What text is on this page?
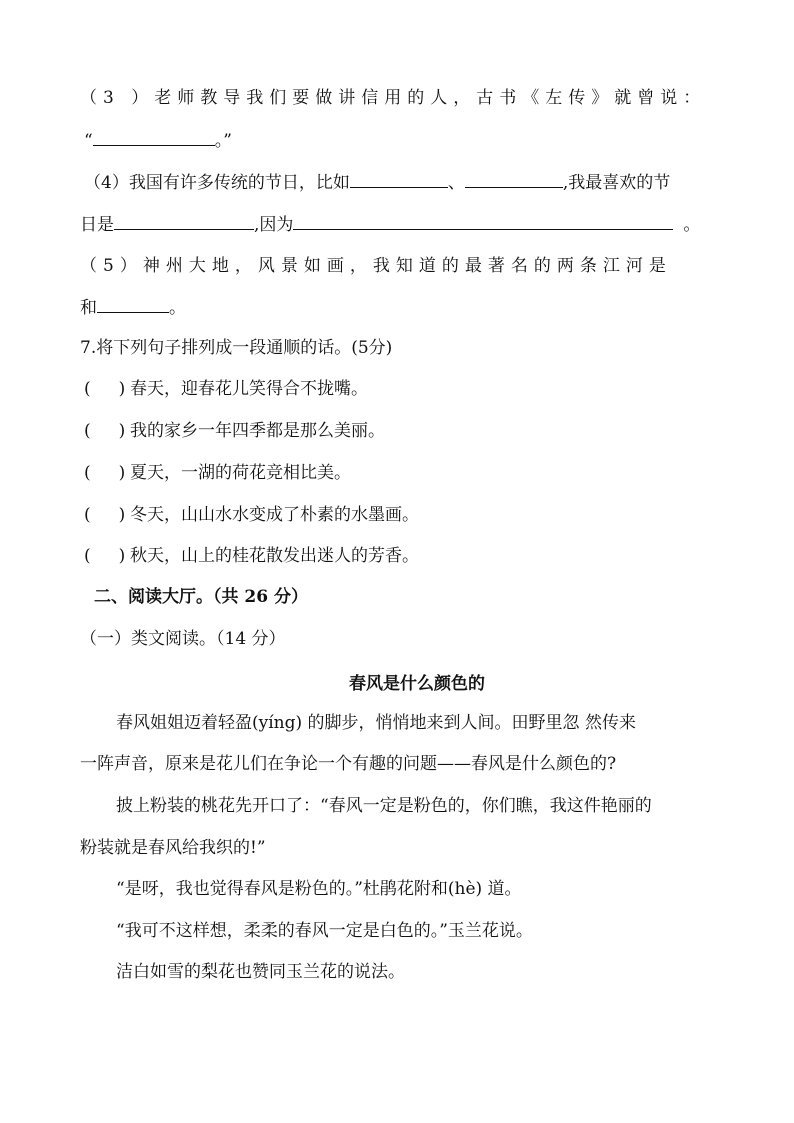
（3 ）老师教导我们要做讲信用的人，古书《左传》就曾说：
“	。”
（4）我国有许多传统的节日，比如	、	,我最喜欢的节
日是	,因为	。
（5）神州大地，风景如画，我知道的最著名的两条江河是
和	。
7.将下列句子排列成一段通顺的话。(5分)
( ) 春天，迎春花儿笑得合不拢嘴。
( ) 我的家乡一年四季都是那么美丽。
( ) 夏天，一湖的荷花竞相比美。
( ) 冬天，山山水水变成了朴素的水墨画。
( ) 秋天，山上的桂花散发出迷人的芳香。
二、阅读大厅。（共 26 分）
（一）类文阅读。（14 分）
春风是什么颜色的
春风姐姐迈着轻盈(yíng) 的脚步，悄悄地来到人间。田野里忽 然传来
一阵声音，原来是花儿们在争论一个有趣的问题——春风是什么颜色的?
披上粉装的桃花先开口了：“春风一定是粉色的，你们瞧，我这件艳丽的
粉装就是春风给我织的!”
“是呀，我也觉得春风是粉色的。”杜鹃花附和(hè) 道。
“我可不这样想，柔柔的春风一定是白色的。”玉兰花说。
洁白如雪的梨花也赞同玉兰花的说法。
